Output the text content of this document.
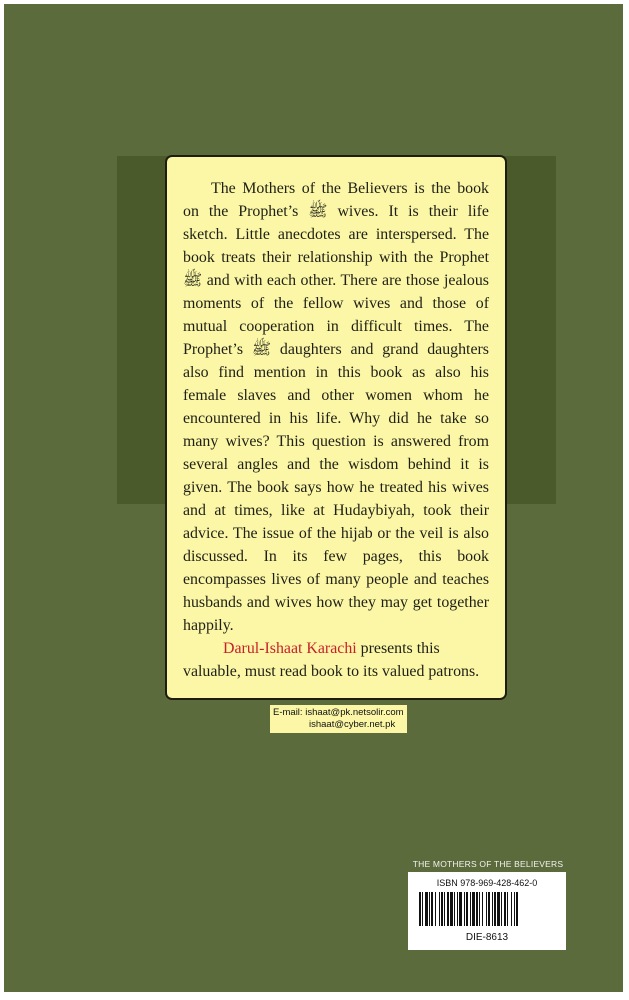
The Mothers of the Believers is the book on the Prophet’s ﷺ wives. It is their life sketch. Little anecdotes are interspersed. The book treats their relationship with the Prophet ﷺ and with each other. There are those jealous moments of the fellow wives and those of mutual cooperation in difficult times. The Prophet’s ﷺ daughters and grand daughters also find mention in this book as also his female slaves and other women whom he encountered in his life. Why did he take so many wives? This question is answered from several angles and the wisdom behind it is given. The book says how he treated his wives and at times, like at Hudaybiyah, took their advice. The issue of the hijab or the veil is also discussed. In its few pages, this book encompasses lives of many people and teaches husbands and wives how they may get together happily.

Darul-Ishaat Karachi presents this valuable, must read book to its valued patrons.

E-mail: ishaat@pk.netsolir.com
ishaat@cyber.net.pk
THE MOTHERS OF THE BELIEVERS
ISBN 978-969-428-462-0
DIE-8613
